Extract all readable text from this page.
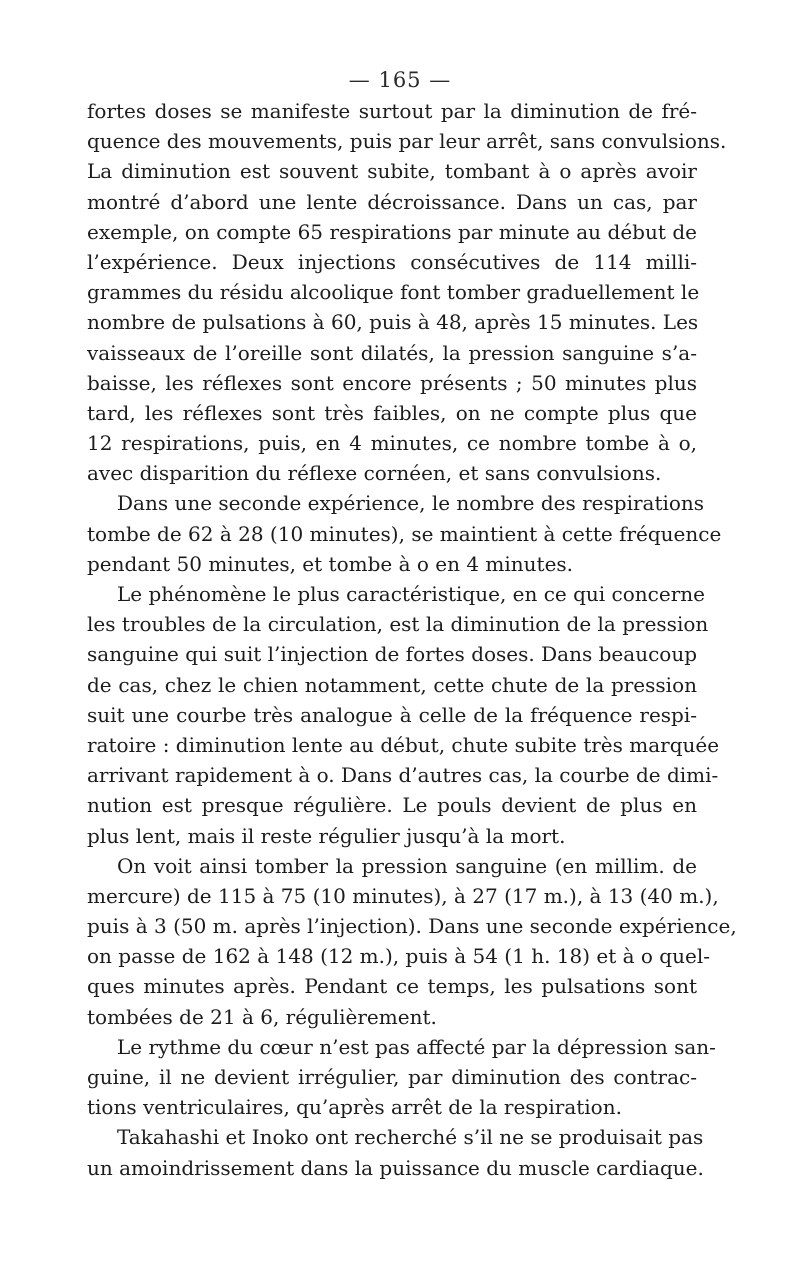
— 165 —
fortes doses se manifeste surtout par la diminution de fré-
quence des mouvements, puis par leur arrêt, sans convulsions.
La diminution est souvent subite, tombant à o après avoir
montré d’abord une lente décroissance. Dans un cas, par
exemple, on compte 65 respirations par minute au début de
l’expérience. Deux injections consécutives de 114 milli-
grammes du résidu alcoolique font tomber graduellement le
nombre de pulsations à 60, puis à 48, après 15 minutes. Les
vaisseaux de l’oreille sont dilatés, la pression sanguine s’a-
baisse, les réflexes sont encore présents ; 50 minutes plus
tard, les réflexes sont très faibles, on ne compte plus que
12 respirations, puis, en 4 minutes, ce nombre tombe à o,
avec disparition du réflexe cornéen, et sans convulsions.
Dans une seconde expérience, le nombre des respirations
tombe de 62 à 28 (10 minutes), se maintient à cette fréquence
pendant 50 minutes, et tombe à o en 4 minutes.
Le phénomène le plus caractéristique, en ce qui concerne
les troubles de la circulation, est la diminution de la pression
sanguine qui suit l’injection de fortes doses. Dans beaucoup
de cas, chez le chien notamment, cette chute de la pression
suit une courbe très analogue à celle de la fréquence respi-
ratoire : diminution lente au début, chute subite très marquée
arrivant rapidement à o. Dans d’autres cas, la courbe de dimi-
nution est presque régulière. Le pouls devient de plus en
plus lent, mais il reste régulier jusqu’à la mort.
On voit ainsi tomber la pression sanguine (en millim. de
mercure) de 115 à 75 (10 minutes), à 27 (17 m.), à 13 (40 m.),
puis à 3 (50 m. après l’injection). Dans une seconde expérience,
on passe de 162 à 148 (12 m.), puis à 54 (1 h. 18) et à o quel-
ques minutes après. Pendant ce temps, les pulsations sont
tombées de 21 à 6, régulièrement.
Le rythme du cœur n’est pas affecté par la dépression san-
guine, il ne devient irrégulier, par diminution des contrac-
tions ventriculaires, qu’après arrêt de la respiration.
Takahashi et Inoko ont recherché s’il ne se produisait pas
un amoindrissement dans la puissance du muscle cardiaque.
